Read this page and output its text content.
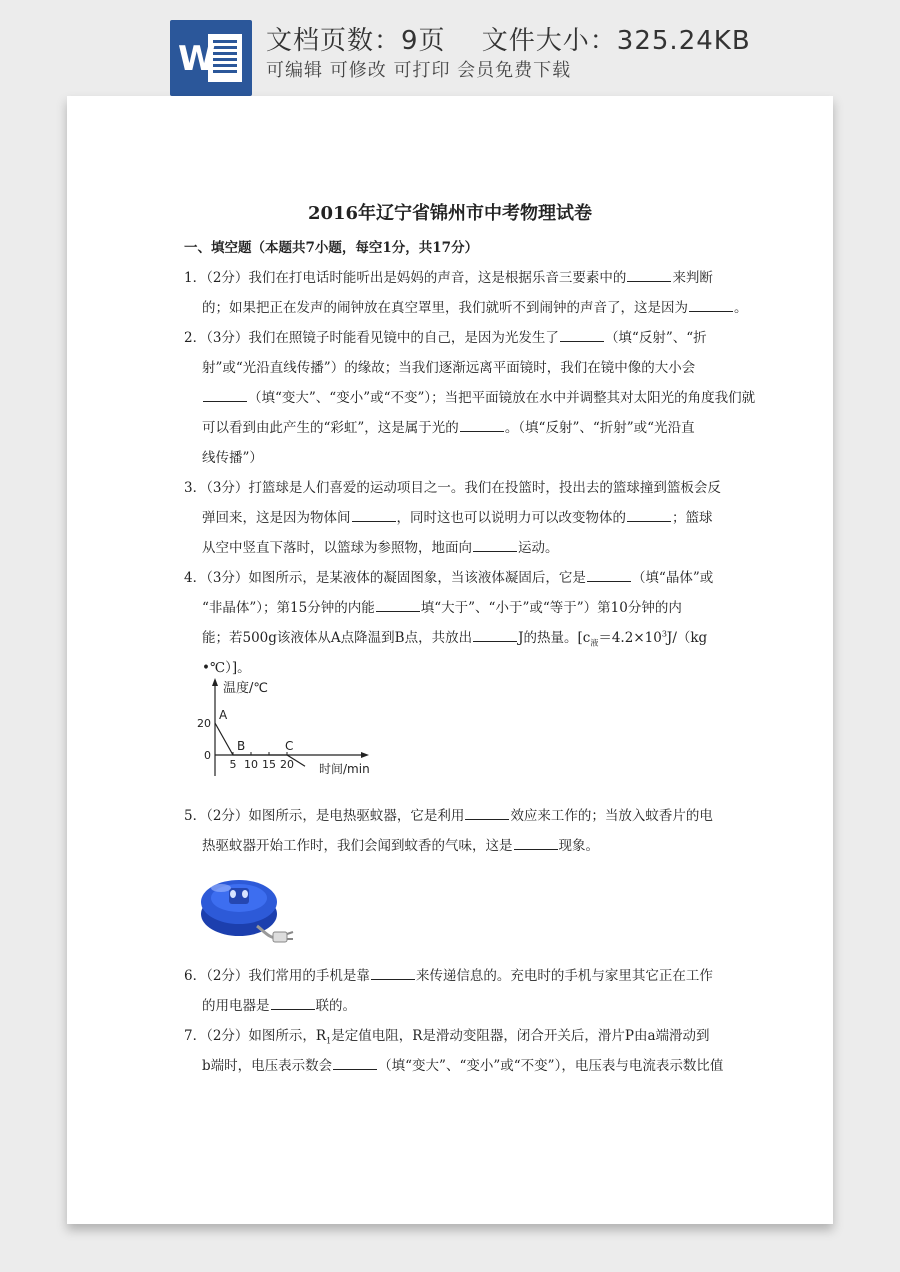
W 文档页数：9页　 文件大小：325.24KB
可编辑 可修改 可打印 会员免费下载
2016年辽宁省锦州市中考物理试卷
一、填空题（本题共7小题，每空1分，共17分）
1．（2分）我们在打电话时能听出是妈妈的声音，这是根据乐音三要素中的	来判断
的；如果把正在发声的闹钟放在真空罩里，我们就听不到闹钟的声音了，这是因为	。
2．（3分）我们在照镜子时能看见镜中的自己，是因为光发生了	（填“反射”、“折
射”或“光沿直线传播”）的缘故；当我们逐渐远离平面镜时，我们在镜中像的大小会
（填“变大”、“变小”或“不变”）；当把平面镜放在水中并调整其对太阳光的角度我们就
可以看到由此产生的“彩虹”，这是属于光的	。（填“反射”、“折射”或“光沿直
线传播”）
3．（3分）打篮球是人们喜爱的运动项目之一。我们在投篮时，投出去的篮球撞到篮板会反
弹回来，这是因为物体间	，同时这也可以说明力可以改变物体的	；篮球
从空中竖直下落时，以篮球为参照物，地面向	运动。
4．（3分）如图所示，是某液体的凝固图象，当该液体凝固后，它是	（填“晶体”或
“非晶体”）；第15分钟的内能	填“大于”、“小于”或“等于”）第10分钟的内
能；若500g该液体从A点降温到B点，共放出	J的热量。[$c_液=4.2\times 10^3J/(kg$
•℃）]。
温度/℃
时间/min
5 10 15 20
0
20
A
B	C
5．（2分）如图所示，是电热驱蚊器，它是利用	效应来工作的；当放入蚊香片的电
热驱蚊器开始工作时，我们会闻到蚊香的气味，这是	现象。
6．（2分）我们常用的手机是靠	来传递信息的。充电时的手机与家里其它正在工作
的用电器是	联的。
7．（2分）如图所示，$R_1$是定值电阻，R是滑动变阻器，闭合开关后，滑片P由a端滑动到
b端时，电压表示数会	（填“变大”、“变小”或“不变”），电压表与电流表示数比值
